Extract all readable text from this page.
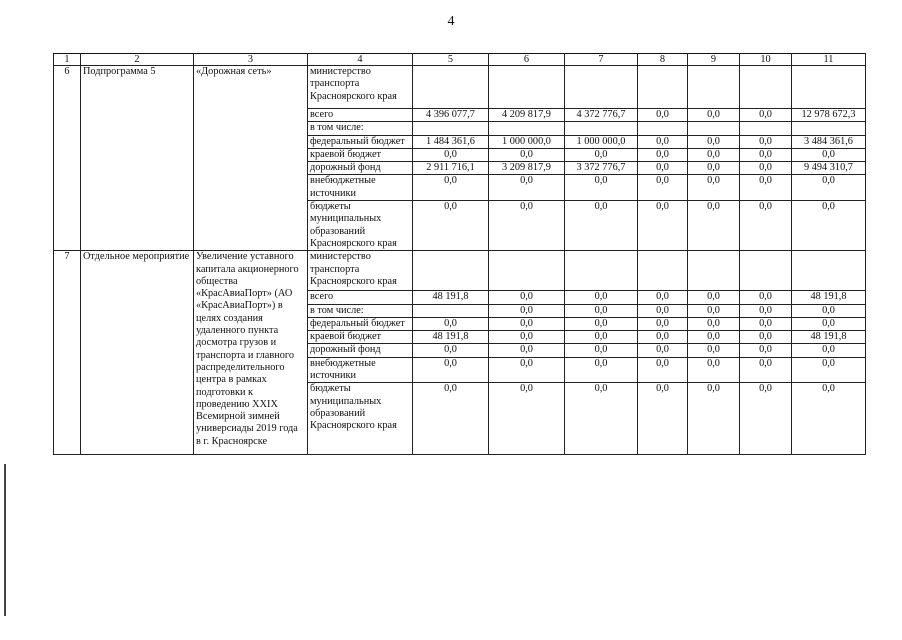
4
1	2	3	4	5	6	7	8	9	10	11
6	Подпрограмма 5	«Дорожная сеть»	министерство транспорта Красноярского края							
			всего	4 396 077,7	4 209 817,9	4 372 776,7	0,0	0,0	0,0	12 978 672,3
			в том числе:							
			федеральный бюджет	1 484 361,6	1 000 000,0	1 000 000,0	0,0	0,0	0,0	3 484 361,6
			краевой бюджет	0,0	0,0	0,0	0,0	0,0	0,0	0,0
			дорожный фонд	2 911 716,1	3 209 817,9	3 372 776,7	0,0	0,0	0,0	9 494 310,7
			внебюджетные источники	0,0	0,0	0,0	0,0	0,0	0,0	0,0
			бюджеты муниципальных образований Красноярского края	0,0	0,0	0,0	0,0	0,0	0,0	0,0
7	Отдельное мероприятие	Увеличение уставного капитала акционерного общества «КрасАвиаПорт» (АО «КрасАвиаПорт») в целях создания удаленного пункта досмотра грузов и транспорта и главного распределительного центра в рамках подготовки к проведению XXIX Всемирной зимней универсиады 2019 года в г. Красноярске	министерство транспорта Красноярского края							
			всего	48 191,8	0,0	0,0	0,0	0,0	0,0	48 191,8
			в том числе:		0,0	0,0	0,0	0,0	0,0	0,0
			федеральный бюджет	0,0	0,0	0,0	0,0	0,0	0,0	0,0
			краевой бюджет	48 191,8	0,0	0,0	0,0	0,0	0,0	48 191,8
			дорожный фонд	0,0	0,0	0,0	0,0	0,0	0,0	0,0
			внебюджетные источники	0,0	0,0	0,0	0,0	0,0	0,0	0,0
			бюджеты муниципальных образований Красноярского края	0,0	0,0	0,0	0,0	0,0	0,0	0,0
